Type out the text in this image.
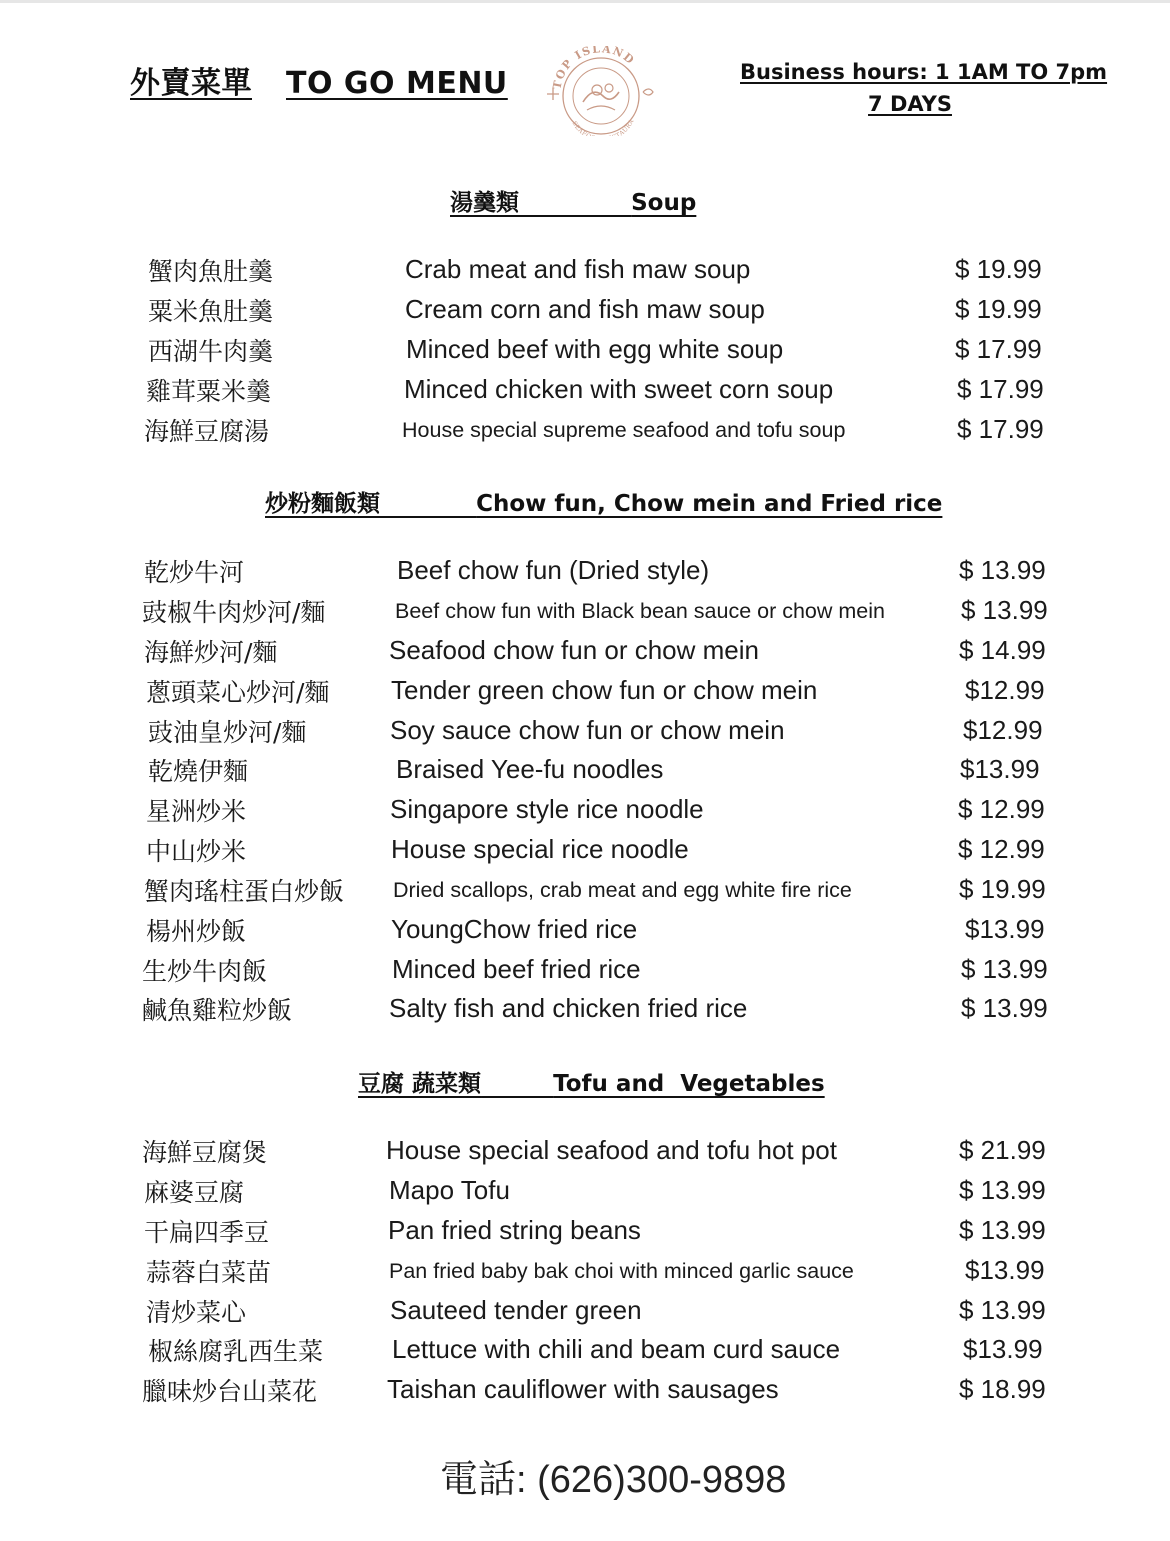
外賣菜單 TO GO MENU	TOP ISLAND
SEAF TAURA
Business hours: 1 1AM TO 7pm
7 DAYS
湯羹類	Soup
蟹肉魚肚羹	Crab meat and fish maw soup	$ 19.99
粟米魚肚羹	Cream corn and fish maw soup	$ 19.99
西湖牛肉羹	Minced beef with egg white soup	$ 17.99
雞茸粟米羹	Minced chicken with sweet corn soup	$ 17.99
海鮮豆腐湯	House special supreme seafood and tofu soup	$ 17.99
炒粉麵飯類	Chow fun, Chow mein and Fried rice
乾炒牛河	Beef chow fun (Dried style)	$ 13.99
豉椒牛肉炒河/麵	Beef chow fun with Black bean sauce or chow mein	$ 13.99
海鮮炒河/麵	Seafood chow fun or chow mein	$ 14.99
蔥頭菜心炒河/麵 Tender green chow fun or chow mein	$12.99
豉油皇炒河/麵	Soy sauce chow fun or chow mein	$12.99
乾燒伊麵	Braised Yee-fu noodles	$13.99
星洲炒米	Singapore style rice noodle	$ 12.99
中山炒米	House special rice noodle	$ 12.99
蟹肉瑤柱蛋白炒飯 Dried scallops, crab meat and egg white fire rice	$ 19.99
楊州炒飯	YoungChow fried rice	$13.99
生炒牛肉飯	Minced beef fried rice	$ 13.99
鹹魚雞粒炒飯	Salty fish and chicken fried rice	$ 13.99
豆腐 蔬菜類	Tofu and  Vegetables
海鮮豆腐煲	House special seafood and tofu hot pot	$ 21.99
麻婆豆腐	Mapo Tofu	$ 13.99
干扁四季豆	Pan fried string beans	$ 13.99
蒜蓉白菜苗	Pan fried baby bak choi with minced garlic sauce	$13.99
清炒菜心	Sauteed tender green	$ 13.99
椒絲腐乳西生菜	Lettuce with chili and beam curd sauce	$13.99
臘味炒台山菜花	Taishan cauliflower with sausages	$ 18.99
電話: (626)300-9898
